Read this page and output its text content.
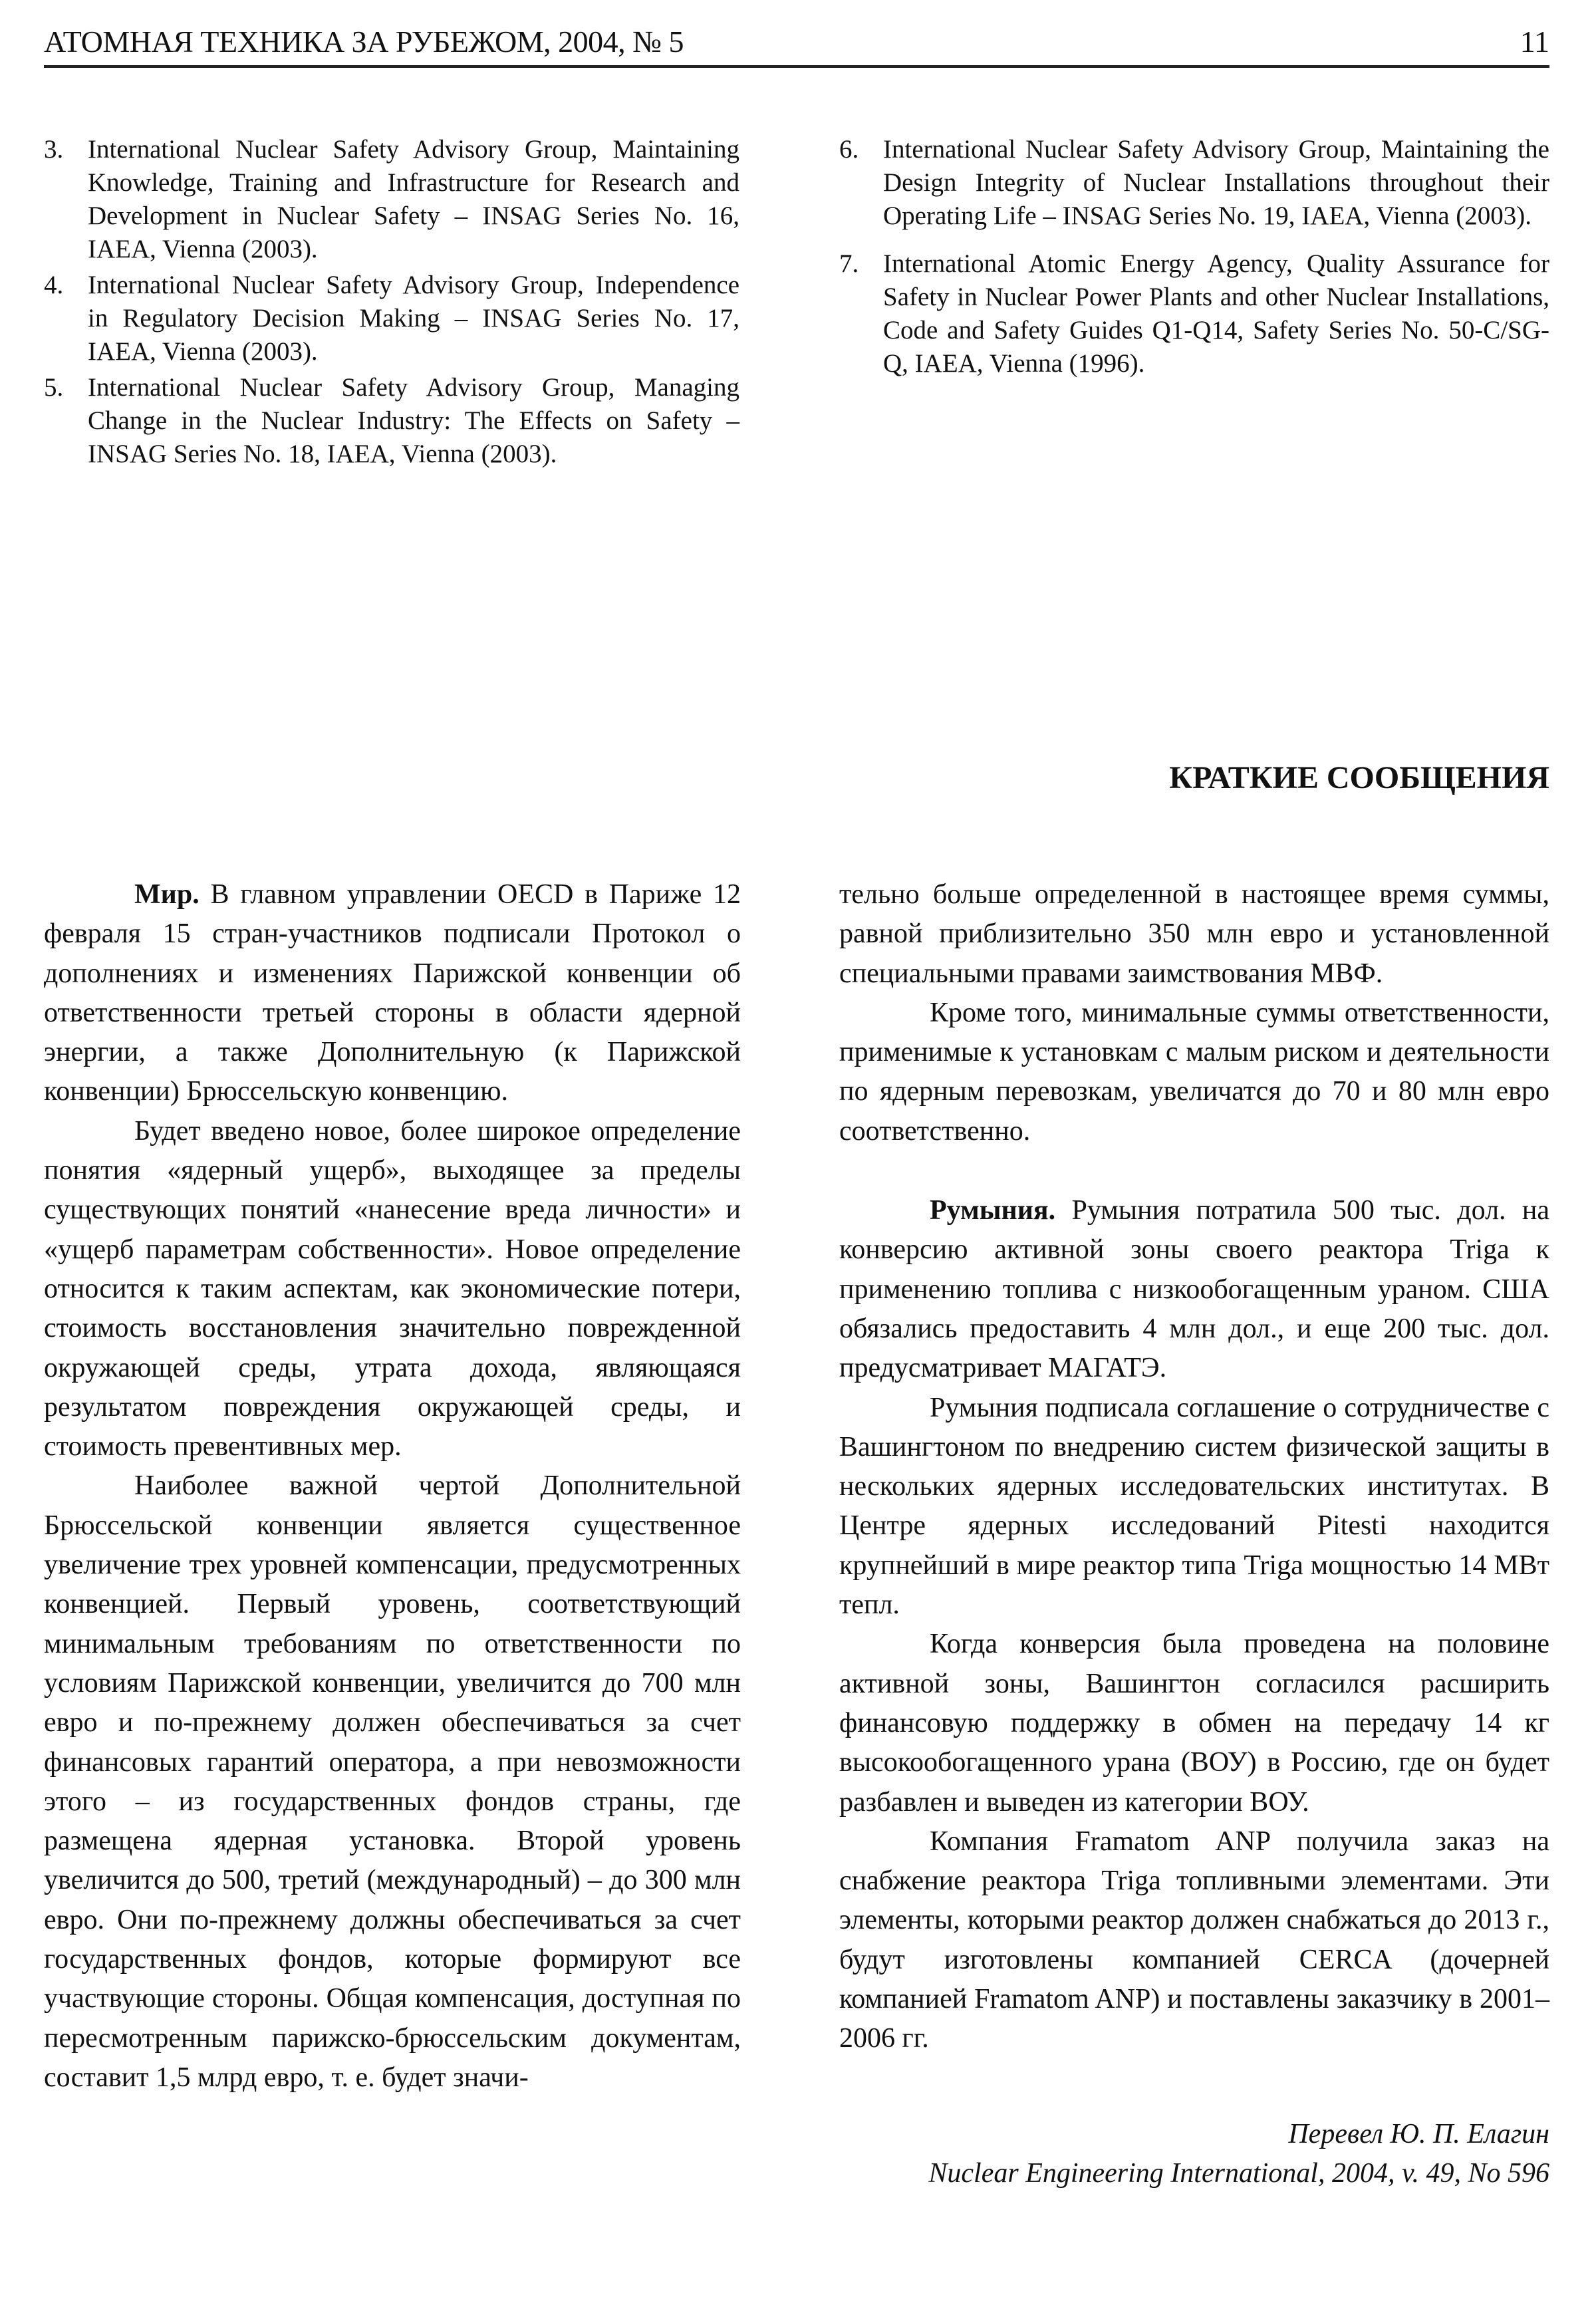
АТОМНАЯ ТЕХНИКА ЗА РУБЕЖОМ, 2004, № 5	11
3. International Nuclear Safety Advisory Group, Maintaining Knowledge, Training and Infrastructure for Research and Development in Nuclear Safety – INSAG Series No. 16, IAEA, Vienna (2003).
4. International Nuclear Safety Advisory Group, Independence in Regulatory Decision Making – INSAG Series No. 17, IAEA, Vienna (2003).
5. International Nuclear Safety Advisory Group, Managing Change in the Nuclear Industry: The Effects on Safety – INSAG Series No. 18, IAEA, Vienna (2003).
6. International Nuclear Safety Advisory Group, Maintaining the Design Integrity of Nuclear Installations throughout their Operating Life – INSAG Series No. 19, IAEA, Vienna (2003).
7. International Atomic Energy Agency, Quality Assurance for Safety in Nuclear Power Plants and other Nuclear Installations, Code and Safety Guides Q1-Q14, Safety Series No. 50-C/SG-Q, IAEA, Vienna (1996).
КРАТКИЕ СООБЩЕНИЯ

Мир. В главном управлении OECD в Париже 12 февраля 15 стран-участников подписали Протокол о дополнениях и изменениях Парижской конвенции об ответственности третьей стороны в области ядерной энергии, а также Дополнительную (к Парижской конвенции) Брюссельскую конвенцию.

Будет введено новое, более широкое определение понятия «ядерный ущерб», выходящее за пределы существующих понятий «нанесение вреда личности» и «ущерб параметрам собственности». Новое определение относится к таким аспектам, как экономические потери, стоимость восстановления значительно поврежденной окружающей среды, утрата дохода, являющаяся результатом повреждения окружающей среды, и стоимость превентивных мер.

Наиболее важной чертой Дополнительной Брюссельской конвенции является существенное увеличение трех уровней компенсации, предусмотренных конвенцией. Первый уровень, соответствующий минимальным требованиям по ответственности по условиям Парижской конвенции, увеличится до 700 млн евро и по-прежнему должен обеспечиваться за счет финансовых гарантий оператора, а при невозможности этого – из государственных фондов страны, где размещена ядерная установка. Второй уровень увеличится до 500, третий (международный) – до 300 млн евро. Они по-прежнему должны обеспечиваться за счет государственных фондов, которые формируют все участвующие стороны. Общая компенсация, доступная по пересмотренным парижско-брюссельским документам, составит 1,5 млрд евро, т. е. будет значи-

тельно больше определенной в настоящее время суммы, равной приблизительно 350 млн евро и установленной специальными правами заимствования МВФ.

Кроме того, минимальные суммы ответственности, применимые к установкам с малым риском и деятельности по ядерным перевозкам, увеличатся до 70 и 80 млн евро соответственно.

Румыния. Румыния потратила 500 тыс. дол. на конверсию активной зоны своего реактора Triga к применению топлива с низкообогащенным ураном. США обязались предоставить 4 млн дол., и еще 200 тыс. дол. предусматривает МАГАТЭ.

Румыния подписала соглашение о сотрудничестве с Вашингтоном по внедрению систем физической защиты в нескольких ядерных исследовательских институтах. В Центре ядерных исследований Pitesti находится крупнейший в мире реактор типа Triga мощностью 14 МВт тепл.

Когда конверсия была проведена на половине активной зоны, Вашингтон согласился расширить финансовую поддержку в обмен на передачу 14 кг высокообогащенного урана (ВОУ) в Россию, где он будет разбавлен и выведен из категории ВОУ.

Компания Framatom ANP получила заказ на снабжение реактора Triga топливными элементами. Эти элементы, которыми реактор должен снабжаться до 2013 г., будут изготовлены компанией CERCA (дочерней компанией Framatom ANP) и поставлены заказчику в 2001–2006 гг.

Перевел Ю. П. Елагин
Nuclear Engineering International, 2004, v. 49, No 596
